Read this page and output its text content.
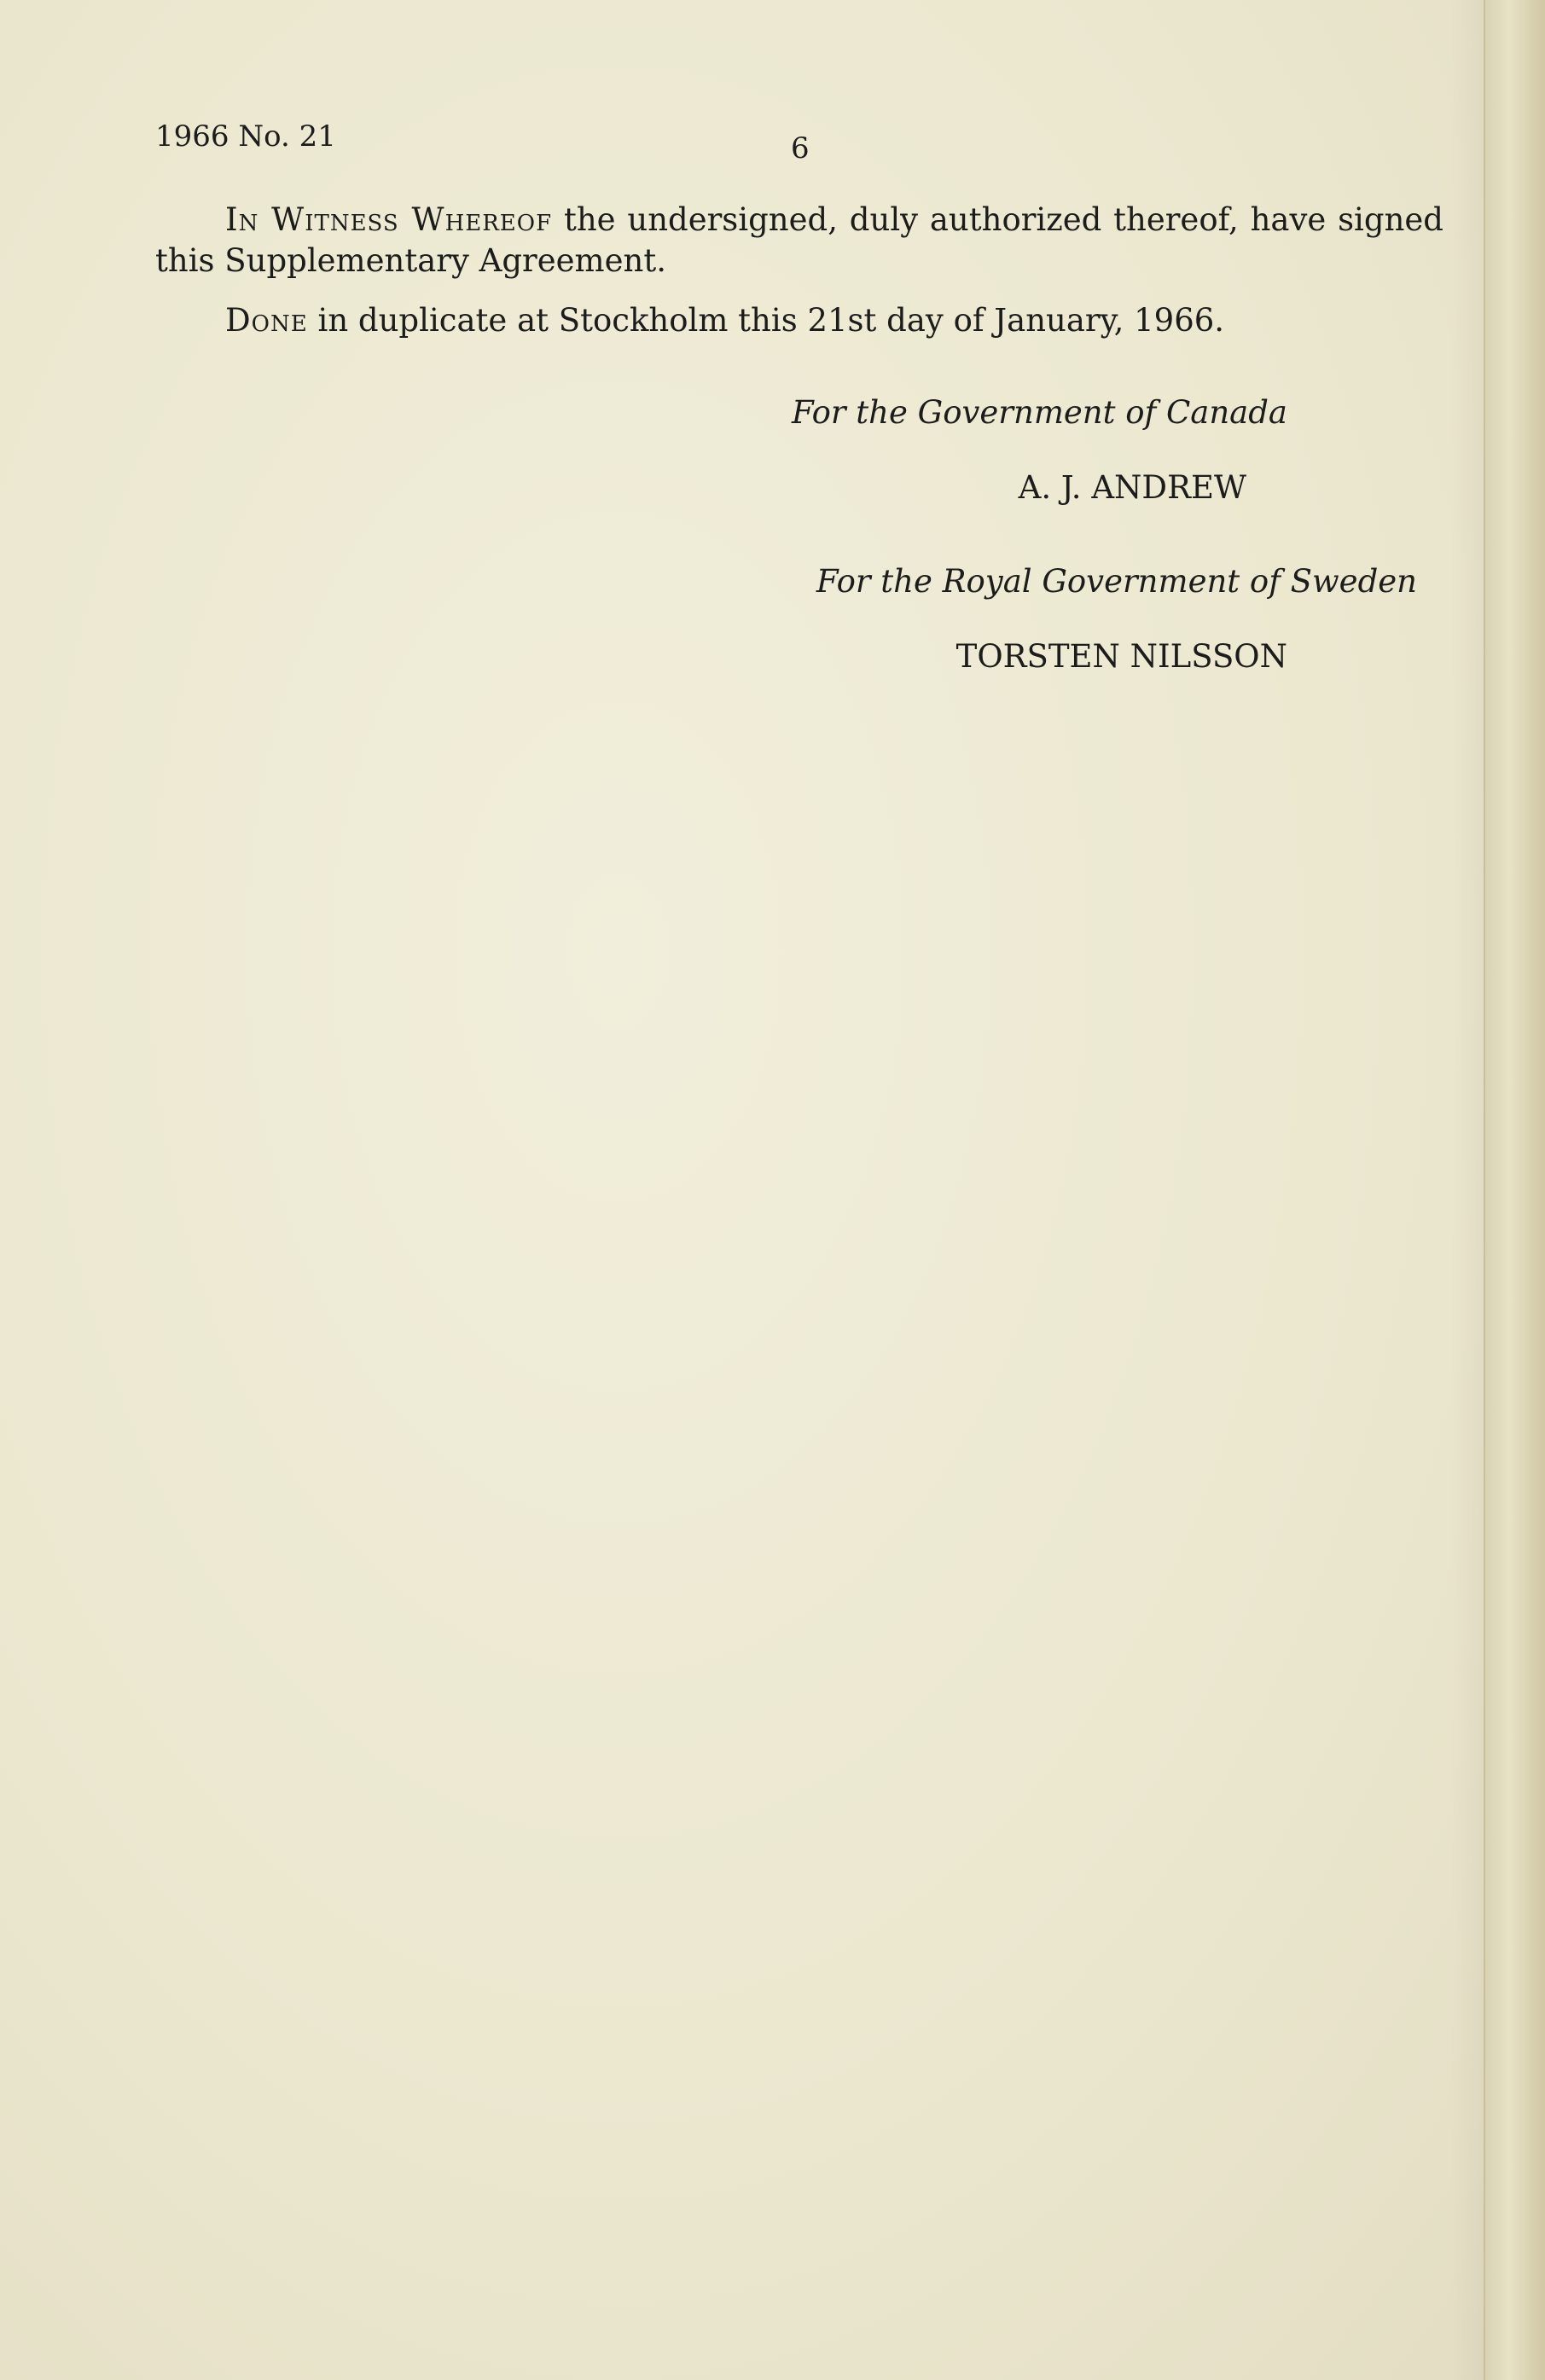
1966 No. 21	6
In Witness Whereof the undersigned, duly authorized thereof, have signed this Supplementary Agreement.
Done in duplicate at Stockholm this 21st day of January, 1966.
For the Government of Canada
A. J. ANDREW
For the Royal Government of Sweden
TORSTEN NILSSON
